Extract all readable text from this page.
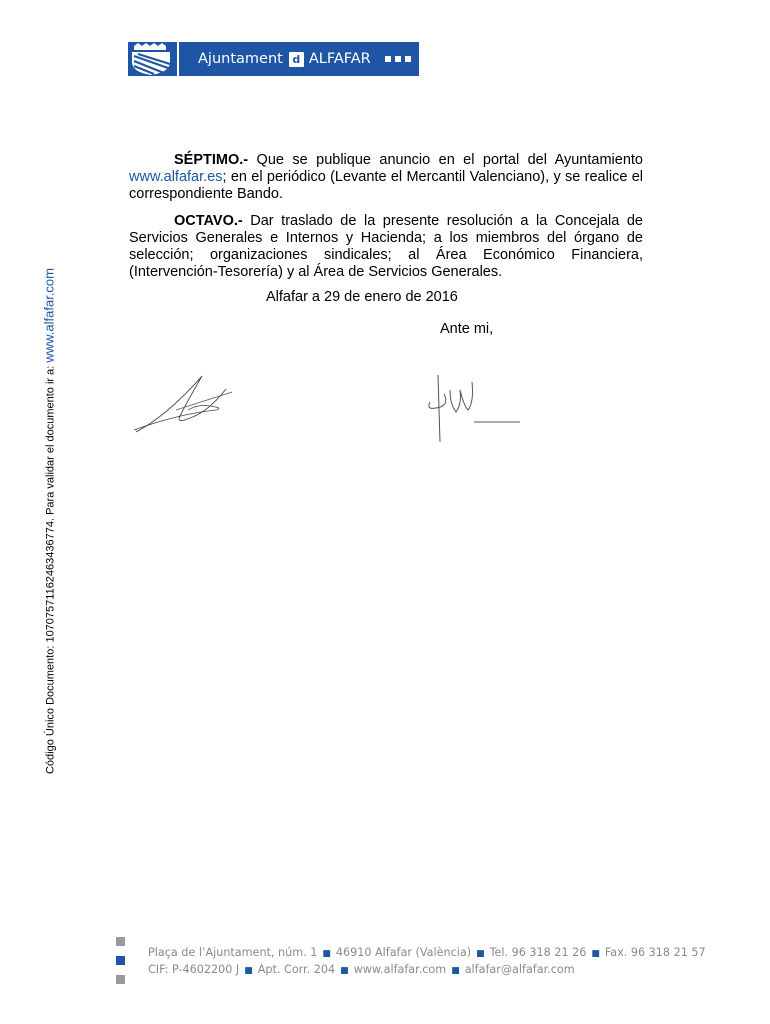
Ajuntament d ALFAFAR
Código Único Documento: 10707571162463436774. Para validar el documento ir a: www.alfafar.com
SÉPTIMO.- Que se publique anuncio en el portal del Ayuntamiento www.alfafar.es; en el periódico (Levante el Mercantil Valenciano), y se realice el correspondiente Bando.
OCTAVO.- Dar traslado de la presente resolución a la Concejala de Servicios Generales e Internos y Hacienda; a los miembros del órgano de selección; organizaciones sindicales; al Área Económico Financiera, (Intervención-Tesorería) y al Área de Servicios Generales.
Alfafar a 29 de enero de 2016
Ante mi,
Plaça de l’Ajuntament, núm. 1 ■ 46910 Alfafar (València) ■ Tel. 96 318 21 26 ■ Fax. 96 318 21 57
CIF: P-4602200 J ■ Apt. Corr. 204 ■ www.alfafar.com ■ alfafar@alfafar.com
